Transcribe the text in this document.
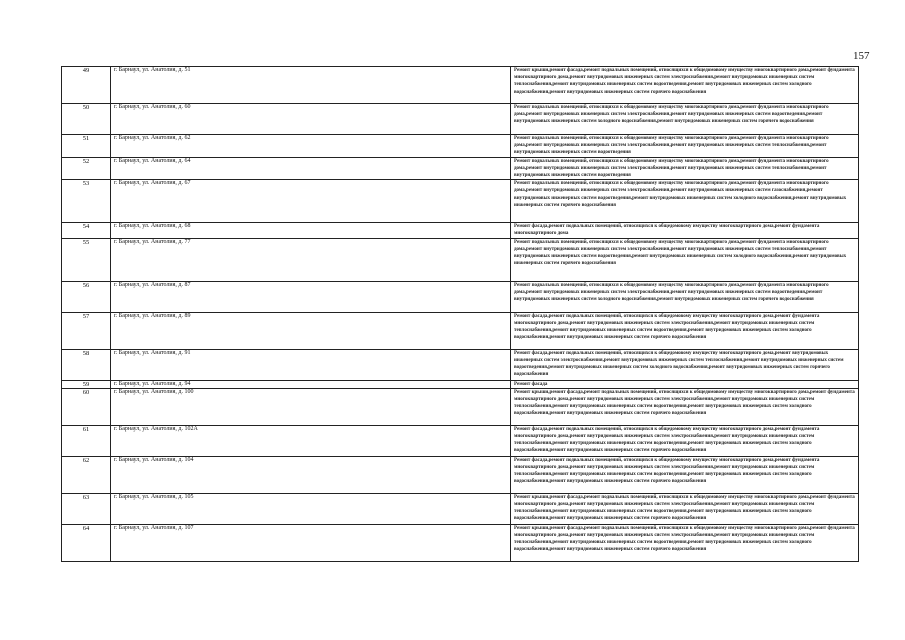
157
49	г. Барнаул, ул. Анатолия, д. 51	Ремонт крыши,ремонт фасада,ремонт подвальных помещений, относящихся к общедомовому имуществу многоквартирного дома,ремонт фундамента многоквартирного дома,ремонт внутридомовых инженерных систем электроснабжения,ремонт внутридомовых инженерных систем теплоснабжения,ремонт внутридомовых инженерных систем водоотведения,ремонт внутридомовых инженерных систем холодного водоснабжения,ремонт внутридомовых инженерных систем горячего водоснабжения
50	г. Барнаул, ул. Анатолия, д. 60	Ремонт подвальных помещений, относящихся к общедомовому имуществу многоквартирного дома,ремонт фундамента многоквартирного дома,ремонт внутридомовых инженерных систем электроснабжения,ремонт внутридомовых инженерных систем водоотведения,ремонт внутридомовых инженерных систем холодного водоснабжения,ремонт внутридомовых инженерных систем горячего водоснабжения
51	г. Барнаул, ул. Анатолия, д. 62	Ремонт подвальных помещений, относящихся к общедомовому имуществу многоквартирного дома,ремонт фундамента многоквартирного дома,ремонт внутридомовых инженерных систем электроснабжения,ремонт внутридомовых инженерных систем теплоснабжения,ремонт внутридомовых инженерных систем водоотведения
52	г. Барнаул, ул. Анатолия, д. 64	Ремонт подвальных помещений, относящихся к общедомовому имуществу многоквартирного дома,ремонт фундамента многоквартирного дома,ремонт внутридомовых инженерных систем электроснабжения,ремонт внутридомовых инженерных систем теплоснабжения,ремонт внутридомовых инженерных систем водоотведения
53	г. Барнаул, ул. Анатолия, д. 67	Ремонт подвальных помещений, относящихся к общедомовому имуществу многоквартирного дома,ремонт фундамента многоквартирного дома,ремонт внутридомовых инженерных систем электроснабжения,ремонт внутридомовых инженерных систем газоснабжения,ремонт внутридомовых инженерных систем водоотведения,ремонт внутридомовых инженерных систем холодного водоснабжения,ремонт внутридомовых инженерных систем горячего водоснабжения
54	г. Барнаул, ул. Анатолия, д. 68	Ремонт фасада,ремонт подвальных помещений, относящихся к общедомовому имуществу многоквартирного дома,ремонт фундамента многоквартирного дома
55	г. Барнаул, ул. Анатолия, д. 77	Ремонт подвальных помещений, относящихся к общедомовому имуществу многоквартирного дома,ремонт фундамента многоквартирного дома,ремонт внутридомовых инженерных систем электроснабжения,ремонт внутридомовых инженерных систем теплоснабжения,ремонт внутридомовых инженерных систем водоотведения,ремонт внутридомовых инженерных систем холодного водоснабжения,ремонт внутридомовых инженерных систем горячего водоснабжения
56	г. Барнаул, ул. Анатолия, д. 87	Ремонт подвальных помещений, относящихся к общедомовому имуществу многоквартирного дома,ремонт фундамента многоквартирного дома,ремонт внутридомовых инженерных систем электроснабжения,ремонт внутридомовых инженерных систем водоотведения,ремонт внутридомовых инженерных систем холодного водоснабжения,ремонт внутридомовых инженерных систем горячего водоснабжения
57	г. Барнаул, ул. Анатолия, д. 89	Ремонт фасада,ремонт подвальных помещений, относящихся к общедомовому имуществу многоквартирного дома,ремонт фундамента многоквартирного дома,ремонт внутридомовых инженерных систем электроснабжения,ремонт внутридомовых инженерных систем теплоснабжения,ремонт внутридомовых инженерных систем водоотведения,ремонт внутридомовых инженерных систем холодного водоснабжения,ремонт внутридомовых инженерных систем горячего водоснабжения
58	г. Барнаул, ул. Анатолия, д. 91	Ремонт фасада,ремонт подвальных помещений, относящихся к общедомовому имуществу многоквартирного дома,ремонт внутридомовых инженерных систем электроснабжения,ремонт внутридомовых инженерных систем теплоснабжения,ремонт внутридомовых инженерных систем водоотведения,ремонт внутридомовых инженерных систем холодного водоснабжения,ремонт внутридомовых инженерных систем горячего водоснабжения
59	г. Барнаул, ул. Анатолия, д. 94	Ремонт фасада
60	г. Барнаул, ул. Анатолия, д. 100	Ремонт крыши,ремонт фасада,ремонт подвальных помещений, относящихся к общедомовому имуществу многоквартирного дома,ремонт фундамента многоквартирного дома,ремонт внутридомовых инженерных систем электроснабжения,ремонт внутридомовых инженерных систем теплоснабжения,ремонт внутридомовых инженерных систем водоотведения,ремонт внутридомовых инженерных систем холодного водоснабжения,ремонт внутридомовых инженерных систем горячего водоснабжения
61	г. Барнаул, ул. Анатолия, д. 102А	Ремонт фасада,ремонт подвальных помещений, относящихся к общедомовому имуществу многоквартирного дома,ремонт фундамента многоквартирного дома,ремонт внутридомовых инженерных систем электроснабжения,ремонт внутридомовых инженерных систем теплоснабжения,ремонт внутридомовых инженерных систем водоотведения,ремонт внутридомовых инженерных систем холодного водоснабжения,ремонт внутридомовых инженерных систем горячего водоснабжения
62	г. Барнаул, ул. Анатолия, д. 104	Ремонт фасада,ремонт подвальных помещений, относящихся к общедомовому имуществу многоквартирного дома,ремонт фундамента многоквартирного дома,ремонт внутридомовых инженерных систем электроснабжения,ремонт внутридомовых инженерных систем теплоснабжения,ремонт внутридомовых инженерных систем водоотведения,ремонт внутридомовых инженерных систем холодного водоснабжения,ремонт внутридомовых инженерных систем горячего водоснабжения
63	г. Барнаул, ул. Анатолия, д. 105	Ремонт крыши,ремонт фасада,ремонт подвальных помещений, относящихся к общедомовому имуществу многоквартирного дома,ремонт фундамента многоквартирного дома,ремонт внутридомовых инженерных систем электроснабжения,ремонт внутридомовых инженерных систем теплоснабжения,ремонт внутридомовых инженерных систем водоотведения,ремонт внутридомовых инженерных систем холодного водоснабжения,ремонт внутридомовых инженерных систем горячего водоснабжения
64	г. Барнаул, ул. Анатолия, д. 107	Ремонт крыши,ремонт фасада,ремонт подвальных помещений, относящихся к общедомовому имуществу многоквартирного дома,ремонт фундамента многоквартирного дома,ремонт внутридомовых инженерных систем электроснабжения,ремонт внутридомовых инженерных систем теплоснабжения,ремонт внутридомовых инженерных систем водоотведения,ремонт внутридомовых инженерных систем холодного водоснабжения,ремонт внутридомовых инженерных систем горячего водоснабжения
